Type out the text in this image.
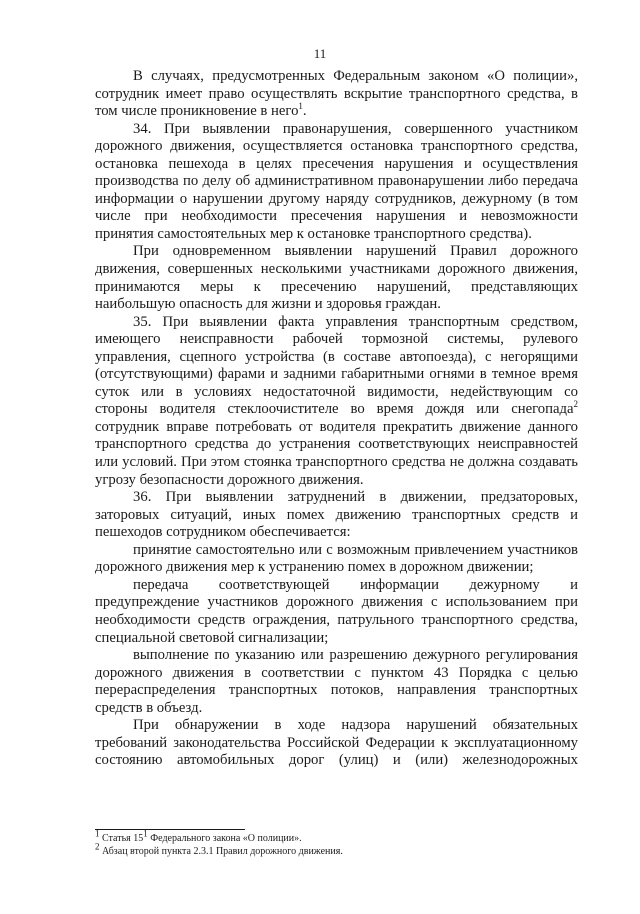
11

В случаях, предусмотренных Федеральным законом «О полиции», сотрудник имеет право осуществлять вскрытие транспортного средства, в том числе проникновение в него$^1$.

34. При выявлении правонарушения, совершенного участником дорожного движения, осуществляется остановка транспортного средства, остановка пешехода в целях пресечения нарушения и осуществления производства по делу об административном правонарушении либо передача информации о нарушении другому наряду сотрудников, дежурному (в том числе при необходимости пресечения нарушения и невозможности принятия самостоятельных мер к остановке транспортного средства).

При одновременном выявлении нарушений Правил дорожного движения, совершенных несколькими участниками дорожного движения, принимаются меры к пресечению нарушений, представляющих наибольшую опасность для жизни и здоровья граждан.

35. При выявлении факта управления транспортным средством, имеющего неисправности рабочей тормозной системы, рулевого управления, сцепного устройства (в составе автопоезда), с негорящими (отсутствующими) фарами и задними габаритными огнями в темное время суток или в условиях недостаточной видимости, недействующим со стороны водителя стеклоочистителе во время дождя или снегопада$^2$ сотрудник вправе потребовать от водителя прекратить движение данного транспортного средства до устранения соответствующих неисправностей или условий. При этом стоянка транспортного средства не должна создавать угрозу безопасности дорожного движения.

36. При выявлении затруднений в движении, предзаторовых, заторовых ситуаций, иных помех движению транспортных средств и пешеходов сотрудником обеспечивается:

принятие самостоятельно или с возможным привлечением участников дорожного движения мер к устранению помех в дорожном движении;

передача соответствующей информации дежурному и предупреждение участников дорожного движения с использованием при необходимости средств ограждения, патрульного транспортного средства, специальной световой сигнализации;

выполнение по указанию или разрешению дежурного регулирования дорожного движения в соответствии с пунктом 43 Порядка с целью перераспределения транспортных потоков, направления транспортных средств в объезд.

При обнаружении в ходе надзора нарушений обязательных требований законодательства Российской Федерации к эксплуатационному состоянию автомобильных дорог (улиц) и (или) железнодорожных

$^1$ Статья $15^1$ Федерального закона «О полиции».
$^2$ Абзац второй пункта 2.3.1 Правил дорожного движения.
